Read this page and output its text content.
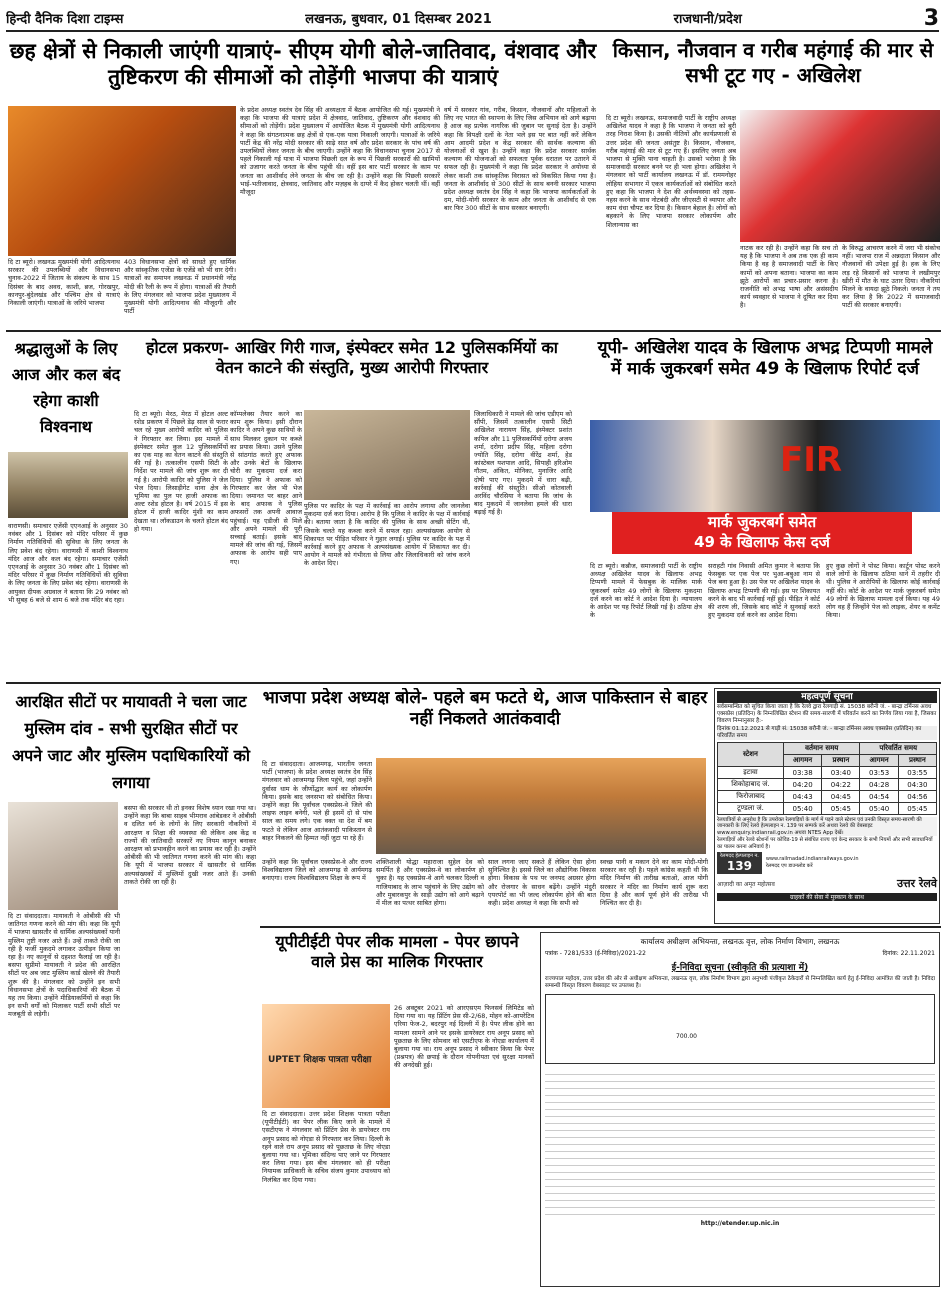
हिन्दी दैनिक दिशा टाइम्स	लखनऊ, बुधवार, 01 दिसम्बर 2021	राजधानी/प्रदेश	3
छह क्षेत्रों से निकाली जाएंगी यात्राएं- सीएम योगी बोले-जातिवाद, वंशवाद और तुष्टिकरण की सीमाओं को तोड़ेंगी भाजपा की यात्राएं
दि टा ब्यूरो। लखनऊ मुख्यमंत्री योगी आदित्यनाथ सरकार की उपलब्धियों और विधानसभा चुनाव-2022 में जिताय के संकल्प के साथ 15 दिसंबर के बाद अवध, काशी, ब्रज, गोरखपुर, कानपुर-बुंदेलखंड और पश्चिम क्षेत्र से यात्राएं निकाली जाएंगी। यात्राओं के जरिये भाजपा
403 विधानसभा क्षेत्रों को साधते हुए धार्मिक और सांस्कृतिक एजेंडा के एजेंडे को भी धार देगी। यात्राओं का समापन लखनऊ में प्रधानमंत्री नरेंद्र मोदी की रैली के रूप में होगा। यात्राओं की तैयारी के लिए मंगलवार को भाजपा प्रदेश मुख्यालय में मुख्यमंत्री योगी आदित्यनाथ की मौजूदगी और पार्टी
के प्रदेश अध्यक्ष स्वतंत्र देव सिंह की अध्यक्षता में बैठक आयोजित की गई। मुख्यमंत्री ने कहा कि भाजपा की यात्राएं प्रदेश में क्षेत्रवाद, जातिवाद, तुष्टिकरण और वंशवाद की सीमाओं को तोड़ेंगी। प्रदेश मुख्यालय में आयोजित बैठक में मुख्यमंत्री योगी आदित्यनाथ ने कहा कि संगठनात्मक छह क्षेत्रों से एक-एक यात्रा निकाली जाएगी। यात्राओं के जरिये पार्टी केंद्र की नरेंद्र मोदी सरकार की साढ़े सात वर्ष और प्रदेश सरकार के पांच वर्ष की उपलब्धियों लेकर जनता के बीच जाएगी। उन्होंने कहा कि विधानसभा चुनाव 2017 से पहले निकाली गई यात्रा में भाजपा पिछली दल के रूप में पिछली सरकारों की खामियों को उजागर करते जनता के बीच पहुंची थी। वहीं इस बार पार्टी सरकार के काम पर जनता का आशीर्वाद लेने जनता के बीच जा रही है। उन्होंने कहा कि पिछली सरकारें भाई-भतीजावाद, क्षेत्रवाद, जातिवाद और मज़हब के दायरे में कैद होकर चलती थीं। वहीं मौजूदा
वर्ष में सरकार गांव, गरीब, किसान, नौजवानों और महिलाओं के लिए नए भारत की स्थापना के लिए जिस अभियान को आगे बढ़ाया है आज वह प्रत्येक नागरिक की जुबान पर सुनाई देता है। उन्होंने कहा कि विपक्षी दलों के नेता भले इस पर बात नहीं करें लेकिन आम आदमी प्रदेश व केंद्र सरकार की सार्थक कल्याण की योजनाओं से खुश है। उन्होंने कहा कि प्रदेश सरकार सार्थक कल्याण की योजनाओं को सफलता पूर्वक धरातल पर उतारने में सफल रही है। मुख्यमंत्री ने कहा कि प्रदेश सरकार ने अयोध्या से लेकर काशी तक सांस्कृतिक विरासत को विकसित किया गया है। जनता के आशीर्वाद से 300 सीटों के साथ बननी सरकार भाजपा प्रदेश अध्यक्ष स्वतंत्र देव सिंह ने कहा कि भाजपा कार्यकर्ताओं के दम, मोदी-योगी सरकार के काम और जनता के आशीर्वाद से एक बार फिर 300 सीटों के साथ सरकार बनाएगी।
किसान, नौजवान व गरीब महंगाई की मार से सभी टूट गए - अखिलेश
दि टा ब्यूरो। लखनऊ, समाजवादी पार्टी के राष्ट्रीय अध्यक्ष अखिलेश यादव ने कहा है कि भाजपा ने जनता को बुरी तरह निराश किया है। उसकी नीतियों और कार्यप्रणाली से उत्तर प्रदेश की जनता असंतुष्ट है। किसान, नौजवान, गरीब महंगाई की मार से टूट गए हैं। इसलिए जनता अब भाजपा से मुक्ति पाना चाहती है। उसको भरोसा है कि समाजवादी सरकार बनने पर ही भला होगा। अखिलेश ने मंगलवार को पार्टी कार्यालय लखनऊ में डॉ. राममनोहर लोहिया सभागार में एकत्र कार्यकर्ताओं को संबोधित करते हुए कहा कि भाजपा ने देश की अर्थव्यवस्था को तहस-नहस करने के साथ नोटबंदी और जीएसटी से व्यापार और काम धंधा चौपट कर दिया है। किसान बेहाल है। लोगों को बहकाने के लिए भाजपा सरकार लोकार्पण और शिलान्यास का
नाटक कर रही है। उन्होंने कहा कि सच तो यह है कि भाजपा ने अब तक एक ही काम किया है वह है समाजवादी पार्टी के किए कामों को अपना बताना। भाजपा का काम झूठे आरोपों का प्रचार-प्रसार करना है। राजनीति को अभद्र भाषा और असंसदीय कार्य व्यवहार से भाजपा ने दूषित कर दिया है।
के विरुद्ध आचरण करने में जरा भी संकोच नहीं। भाजपा राज में अन्नदाता किसान और नौजवानों की उपेक्षा हुई है। हक के लिए लड़ रहे किसानों को भाजपा ने लखीमपुर खीरी में मौत के घाट उतार दिया। नौकरियां मिलने के वायदा झूठे निकले। जनता ने तय कर लिया है कि 2022 में समाजवादी पार्टी की सरकार बनाएगी।
श्रद्धालुओं के लिए आज और कल बंद रहेगा काशी विश्वनाथ
वाराणसी। समाचार एजेंसी एएनआई के अनुसार 30 नवंबर और 1 दिसंबर को मंदिर परिसर में कुछ निर्माण गतिविधियों की सुविधा के लिए जनता के लिए प्रवेश बंद रहेगा। वाराणसी में काशी विश्वनाथ मंदिर आज और कल बंद रहेगा। समाचार एजेंसी एएनआई के अनुसार 30 नवंबर और 1 दिसंबर को मंदिर परिसर में कुछ निर्माण गतिविधियों की सुविधा के लिए जनता के लिए प्रवेश बंद रहेगा। वाराणसी के आयुक्त दीपक अग्रवाल ने बताया कि 29 नवंबर को भी सुबह 6 बजे से शाम 6 बजे तक मंदिर बंद रहा।
होटल प्रकरण- आखिर गिरी गाज, इंस्पेक्टर समेत 12 पुलिसकर्मियों का वेतन काटने की संस्तुति, मुख्य आरोपी गिरफ्तार
दि टा ब्यूरो। मेरठ, मेरठ में होटल अल्ट रशेड प्रकरण में पिछले डेढ़ साल से फरार चल रहे मुख्य आरोपी कादिर को पुलिस ने गिरफ्तार कर लिया। इस मामले में इंस्पेक्टर समेत कुल 12 पुलिसकर्मियों का एक माह का वेतन काटने की संस्तुति की गई है। तत्कालीन एसपी सिटी के निर्देश पर मामले की जांच शुरू कर दी गई है। आरोपी कादिर को पुलिस ने जेल भेज दिया। लिसाड़ीगेट थाना क्षेत्र के भूमिया का पुल पर हाजी अफाक का अल्ट रशेड होटल है। वर्ष 2015 में इस होटल में हाजी कादिर मुंशी का काम देखता था। लॉकडाउन के चलते होटल बंद हो गया।
कॉम्पलेक्स तैयार करने का काम शुरू किया। इसी दौरान कादिर ने अपने कुछ साथियों के साथ मिलकर दुकान पर कब्जे का प्रयास किया। उसने पुलिस से सांठगांठ करते हुए अफाक और उनके बेटों के खिलाफ चोरी का मुकदमा दर्ज करा दिया। पुलिस ने अफाक को गिरफ्तार कर जेल भी भेज दिया। जमानत पर बाहर आने के बाद अफाक ने पुलिस अफसरों तक अपनी आवाज पहुंचाई। यह एडीजी से मिले और अपने मामले की पूरी सच्चाई बताई। इसके बाद मामले की जांच की गई, जिसमें अफाक के आरोप सही पाए गए।
पुलिस पर कादिर के पक्ष में कार्रवाई का आरोप लगाया और जानलेवा मुकदमा दर्ज करा दिया। आरोप है कि पुलिस ने कादिर के पक्ष में कार्रवाई की। बताया जाता है कि कादिर की पुलिस के साथ अच्छी सेटिंग थी, जिसके चलते यह कब्जा करने में सफल रहा। अल्पसंख्यक आयोग से शिकायत पर पीड़ित परिवार ने गुहार लगाई। पुलिस पर कादिर के पक्ष में कार्रवाई करने हुए अफाक ने अल्पसंख्यक आयोग में शिकायत कर दी। आयोग ने मामले को गंभीरता से लिया और जिलाधिकारी को जांच करने के आदेश दिए।
जिलाधिकारी ने मामले की जांच एडीएम को सौंपी, जिसमें तत्कालीन एसपी सिटी अखिलेश नारायण सिंह, इंस्पेक्टर प्रशांत कपिल और 11 पुलिसकर्मियों दरोगा अजय शर्मा, दरोगा प्रदीप सिंह, महिला दरोगा ज्योति सिंह, दरोगा वीरेंद्र शर्मा, हेड कांस्टेबल यशपाल आदि, सिपाही हरिओम गौतम, अंकित, मोनिका, मुनाजिर आदि दोषी पाए गए। मुकदमे में धारा बढ़ी, कार्रवाई की संस्तुति। सीओ कोतवाली अरविंद चौरसिया ने बताया कि जांच के बाद मुकदमे में जानलेवा हमले की धारा बढ़ाई गई है।
यूपी- अखिलेश यादव के खिलाफ अभद्र टिप्पणी मामले में मार्क जुकरबर्ग समेत 49 के खिलाफ रिपोर्ट दर्ज
FIR
मार्क जुकरबर्ग समेत
49 के खिलाफ केस दर्ज
दि टा ब्यूरो। कन्नौज, समाजवादी पार्टी के राष्ट्रीय अध्यक्ष अखिलेश यादव के खिलाफ अभद्र टिप्पणी मामले में फेसबुक के मालिक मार्क जुकरबर्ग समेत 49 लोगों के खिलाफ मुकदमा दर्ज करने का कोर्ट ने आदेश दिया है। न्यायालय के आदेश पर यह रिपोर्ट लिखी गई है। ठठिया क्षेत्र के
सराहटी गांव निवासी अमित कुमार ने बताया कि फेसबुक पर एक पेज पर भुआ-बबुआ नाम से पेज बना हुआ है। उस पेज पर अखिलेश यादव के खिलाफ अभद्र टिप्पणी की गई। इस पर शिकायत करने के बाद भी कार्रवाई नहीं हुई। पीड़ित ने कोर्ट की शरण ली, जिसके बाद कोर्ट ने सुनवाई करते हुए मुकदमा दर्ज करने का आदेश दिया।
हुए कुछ लोगों ने पोस्ट किया। कार्टून पोस्ट करने वाले लोगों के खिलाफ ठठिया थाने में तहरीर दी थी। पुलिस ने आरोपियों के खिलाफ कोई कार्रवाई नहीं की। कोर्ट के आदेश पर मार्क जुकरबर्ग समेत 49 लोगों के खिलाफ मामला दर्ज किया। यह 49 लोग वह हैं जिन्होंने पेज को लाइक, शेयर व कमेंट किया।
आरक्षित सीटों पर मायावती ने चला जाट मुस्लिम दांव - सभी सुरक्षित सीटों पर अपने जाट और मुस्लिम पदाधिकारियों को लगाया
दि टा संवाददाता। मायावती ने ओबीसी की भी जातिगत गणना करने की मांग की। कहा कि यूपी में भाजपा खासतौर से धार्मिक अल्पसंख्यकों यानी मुस्लिम तुष्टी नजर आते हैं। उन्हें ताकते रोकी जा रही है फर्जी मुकदमे लगाकर उत्पीड़न किया जा रहा है। नए कानूनों से दहशत फैलाई जा रही है। बसपा सुप्रीमो मायावती ने प्रदेश की आरक्षित सीटों पर अब जाट मुस्लिम कार्ड खेलने की तैयारी शुरू की है। मंगलवार को उन्होंने इन सभी विधानसभा क्षेत्रों के पदाधिकारियों की बैठक में यह तय किया। उन्होंने मीडियाकर्मियों से कहा कि इन सभी वर्गों को मिलाकर पार्टी सभी सीटों पर मजबूती से लड़ेगी।
बसपा की सरकार थी तो इनका विशेष ध्यान रखा गया था। उन्होंने कहा कि बाबा साहब भीमराव आंबेडकर ने ओबीसी व दलित वर्ग के लोगों के लिए सरकारी नौकरियों में आरक्षण व शिक्षा की व्यवस्था की लेकिन अब केंद्र व राज्यों की जातिवादी सरकारें नए नियम कानून बनाकर आरक्षण को प्रभावहीन करने का प्रयास कर रही है। उन्होंने ओबीसी की भी जातिगत गणना करने की मांग की। कहा कि यूपी में भाजपा सरकार में खासतौर से धार्मिक अल्पसंख्यकों में मुस्लिमों दुखी नजर आते हैं। उनकी ताकते रोकी जा रही है।
भाजपा प्रदेश अध्यक्ष बोले- पहले बम फटते थे, आज पाकिस्तान से बाहर नहीं निकलते आतंकवादी
दि टा संवाददाता। आजमगढ़, भारतीय जनता पार्टी (भाजपा) के प्रदेश अध्यक्ष स्वतंत्र देव सिंह मंगलवार को आजमगढ़ जिला पहुंचे, जहां उन्होंने दुर्वासा धाम के जीर्णोद्धार कार्य का लोकार्पण किया। इसके बाद जनसभा को संबोधित किया। उन्होंने कहा कि पूर्वांचल एक्सप्रेस-वे जिले की लाइफ लाइन बनेगी, भले ही इसमें दो से पांच साल का समय लगे। एक वक्त था देश में बम फटते थे लेकिन आज आतंकवादी पाकिस्तान से बाहर निकलने की हिम्मत नहीं जुटा पा रहे हैं।
उन्होंने कहा कि पूर्वांचल एक्सप्रेस-वे और राज्य विश्वविद्यालय जिले को आजमगढ़ से आर्यमगढ़ बनाएगा। राज्य विश्वविद्यालय शिक्षा के रूप में
शक्तिशाली योद्धा महाराजा सुहेल देव को समर्पित है और एक्सप्रेस-वे का लोकार्पण हो चुका है। यह एक्सप्रेस-वे आगे चलकर दिल्ली व गाजियाबाद के लाभ पहुंचाने के लिए उद्योग को और मुबारकपुर के साड़ी उद्योग को आगे बढ़ाने में मील का पत्थर साबित होगा।
साल लगना जाए सकते हैं लेकिन ऐसा होना सुनिश्चित है। इससे जिले का औद्योगिक विकास होगा। विकास के पथ पर जनपद अग्रसर होगा और रोजगार के साधन बढ़ेंगे। उन्होंने मंदुरी एयरपोर्ट का भी जल्द लोकार्पण होने की बात कही। प्रदेश अध्यक्ष ने कहा कि सभी को
स्वच्छ पानी व मकान देने का काम मोदी-योगी सरकार कर रही है। पहले कांग्रेस कहती थी कि मंदिर निर्माण की तारीख बताओ, आज योगी सरकार ने मंदिर का निर्माण कार्य शुरू करा दिया है और कार्य पूर्ण होने की तारीख भी निश्चित कर दी है।
महत्वपूर्ण सूचना
सर्वसम्बन्धित को सूचित किया जाता है कि रेलवे द्वारा रेलगाड़ी सं. 15038 बरौनी जं. - बान्द्रा टर्मिनस अवध एक्सप्रेस (प्रतिदिन) के निम्नलिखित स्टेशन की समय-सारणी में परिवर्तन करने का निर्णय लिया गया है, जिसका विवरण निम्नानुसार है:-
दिनांक 01.12.2021 से गाड़ी सं. 15038 बरौनी जं. - बान्द्रा टर्मिनस अवध एक्सप्रेस (प्रतिदिन) का परिवर्तित समय
स्टेशन	वर्तमान समय		परिवर्तित समय	
	आगमन	प्रस्थान	आगमन	प्रस्थान
इटावा	03:38	03:40	03:53	03:55
शिकोहाबाद जं.	04:20	04:22	04:28	04:30
फिरोजाबाद	04:43	04:45	04:54	04:56
टूण्डला जं.	05:40	05:45	05:40	05:45
रेलयात्रियों से अनुरोध है कि उपरोक्त रेलगाड़ियों के मार्ग में पड़ने वाले स्टेशन एवं उनकी विस्तृत समय-सारणी की जानकारी के लिए रेलवे हेल्पलाइन न. 139 पर सम्पर्क करें अथवा रेलवे की वेबसाइट www.enquiry.indianrail.gov.in अथवा NTES App देखें।
रेलगाड़ियों और रेलवे स्टेशनों पर कोविड-19 से संबंधित राज्य एवं केन्द्र सरकार के सभी नियमों और सभी सावधानियों का पालन करना अनिवार्य है।
रेलमदद हेल्पलाइन न.
139	www.railmadad.indianrailways.gov.in
रेलमदद एप डाउनलोड करें
आज़ादी का अमृत महोत्सव	उत्तर रेलवे
ग्राहकों की सेवा में मुस्कान के साथ
यूपीटीईटी पेपर लीक मामला - पेपर छापने वाले प्रेस का मालिक गिरफ्तार
UPTET शिक्षक पात्रता परीक्षा
दि टा संवाददाता। उत्तर प्रदेश शिक्षक पात्रता परीक्षा (यूपीटीईटी) का पेपर लीक किए जाने के मामले में एसटीएफ ने मंगलवार को प्रिंटिंग प्रेस के डायरेक्टर राय अनूप प्रसाद को नोएडा से गिरफ्तार कर लिया। दिल्ली के रहने वाले राय अनूप प्रसाद को पूछताछ के लिए नोएडा बुलाया गया था। भूमिका संदिग्ध पाए जाने पर गिरफ्तार कर लिया गया। इस बीच मंगलवार को ही परीक्षा नियामक प्राधिकारी के सचिव संजय कुमार उपाध्याय को निलंबित कर दिया गया।
26 अक्टूबर 2021 को आरएसएम फिनसर्व लिमिटेड को दिया गया था। यह प्रिंटिंग प्रेस सी-2/68, मोहन को-आपरेटिव एरिया फेज-2, बदरपुर नई दिल्ली में है। पेपर लीक होने का मामला सामने आने पर इसके डायरेक्टर राय अनूप प्रसाद को पूछताछ के लिए सोमवार को एसटीएफ के नोएडा कार्यालय में बुलाया गया था। राय अनूप प्रसाद ने स्वीकार किया कि पेपर (प्रश्नपत्र) की छपाई के दौरान गोपनीयता एवं सुरक्षा मानकों की अनदेखी हुई।
कार्यालय अधीक्षण अभियन्ता, लखनऊ वृत्त, लोक निर्माण विभाग, लखनऊ
पत्रांक - 7281/533 (ई-निविदा)/2021-22	दिनांक: 22.11.2021
ई-निविदा सूचना (स्वीकृति की प्रत्याशा में)
राज्यपाल महोदय, उत्तर प्रदेश की ओर से अधीक्षण अभियन्ता, लखनऊ वृत्त, लोक निर्माण विभाग द्वारा अनुभवी पंजीकृत ठेकेदारों से निम्नलिखित कार्य हेतु ई-निविदा आमंत्रित की जाती है। निविदा सम्बन्धी विस्तृत विवरण वेबसाइट पर उपलब्ध है।
700.00
http://etender.up.nic.in
